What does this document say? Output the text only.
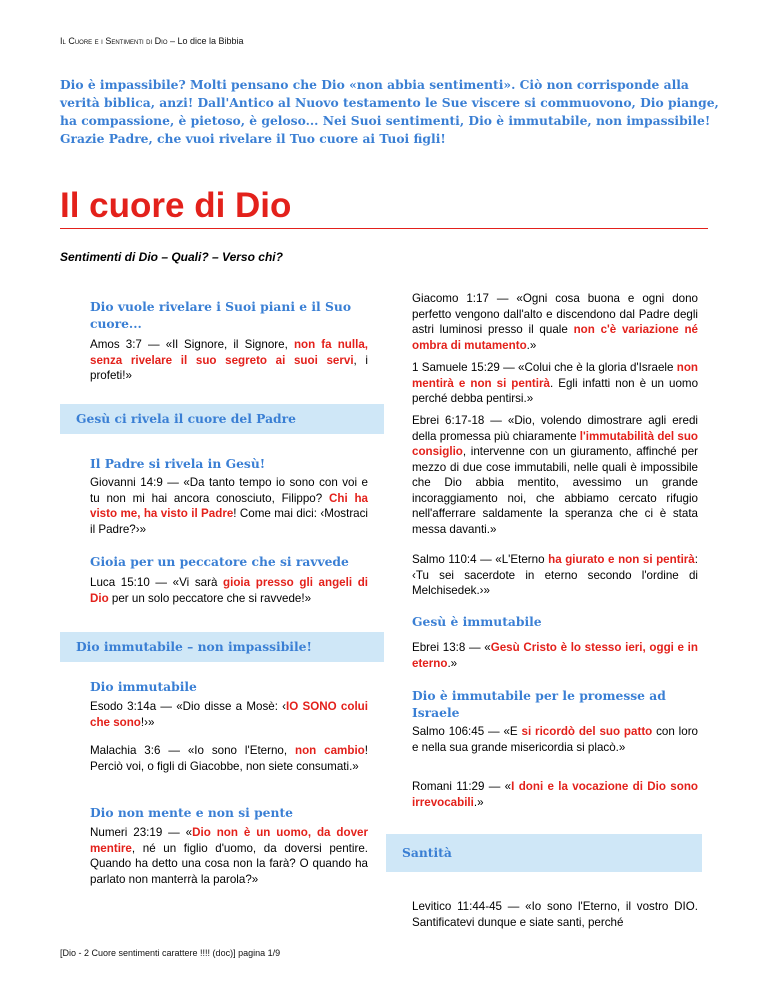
Il Cuore e i Sentimenti di Dio – Lo dice la Bibbia
Dio è impassibile? Molti pensano che Dio «non abbia sentimenti». Ciò non corrisponde alla verità biblica, anzi! Dall'Antico al Nuovo testamento le Sue viscere si commuovono, Dio piange, ha compassione, è pietoso, è geloso... Nei Suoi sentimenti, Dio è immutabile, non impassibile! Grazie Padre, che vuoi rivelare il Tuo cuore ai Tuoi figli!
Il cuore di Dio
Sentimenti di Dio – Quali? – Verso chi?
Dio vuole rivelare i Suoi piani e il Suo cuore...

Amos 3:7 — «Il Signore, il Signore, non fa nulla, senza rivelare il suo segreto ai suoi servi, i profeti!»

Gesù ci rivela il cuore del Padre
Il Padre si rivela in Gesù!

Giovanni 14:9 — «Da tanto tempo io sono con voi e tu non mi hai ancora conosciuto, Filippo? Chi ha visto me, ha visto il Padre! Come mai dici: ‹Mostraci il Padre?›»

Gioia per un peccatore che si ravvede

Luca 15:10 — «Vi sarà gioia presso gli angeli di Dio per un solo peccatore che si ravvede!»

Dio immutabile – non impassibile!
Dio immutabile

Esodo 3:14a — «Dio disse a Mosè: ‹IO SONO colui che sono!›»

Malachia 3:6 — «Io sono l'Eterno, non cambio! Perciò voi, o figli di Giacobbe, non siete consumati.»

Dio non mente e non si pente

Numeri 23:19 — «Dio non è un uomo, da dover mentire, né un figlio d'uomo, da doversi pentire. Quando ha detto una cosa non la farà? O quando ha parlato non manterrà la parola?»

Giacomo 1:17 — «Ogni cosa buona e ogni dono perfetto vengono dall'alto e discendono dal Padre degli astri luminosi presso il quale non c'è variazione né ombra di mutamento.»

1 Samuele 15:29 — «Colui che è la gloria d'Israele non mentirà e non si pentirà. Egli infatti non è un uomo perché debba pentirsi.»

Ebrei 6:17-18 — «Dio, volendo dimostrare agli eredi della promessa più chiaramente l'immutabilità del suo consiglio, intervenne con un giuramento, affinché per mezzo di due cose immutabili, nelle quali è impossibile che Dio abbia mentito, avessimo un grande incoraggiamento noi, che abbiamo cercato rifugio nell'afferrare saldamente la speranza che ci è stata messa davanti.»

Salmo 110:4 — «L'Eterno ha giurato e non si pentirà: ‹Tu sei sacerdote in eterno secondo l'ordine di Melchisedek.›»

Gesù è immutabile

Ebrei 13:8 — «Gesù Cristo è lo stesso ieri, oggi e in eterno.»

Dio è immutabile per le promesse ad Israele

Salmo 106:45 — «E si ricordò del suo patto con loro e nella sua grande misericordia si placò.»

Romani 11:29 — «I doni e la vocazione di Dio sono irrevocabili.»

Santità

Levitico 11:44-45 — «Io sono l'Eterno, il vostro DIO. Santificatevi dunque e siate santi, perché

[Dio - 2 Cuore sentimenti carattere !!!! (doc)] pagina 1/9
